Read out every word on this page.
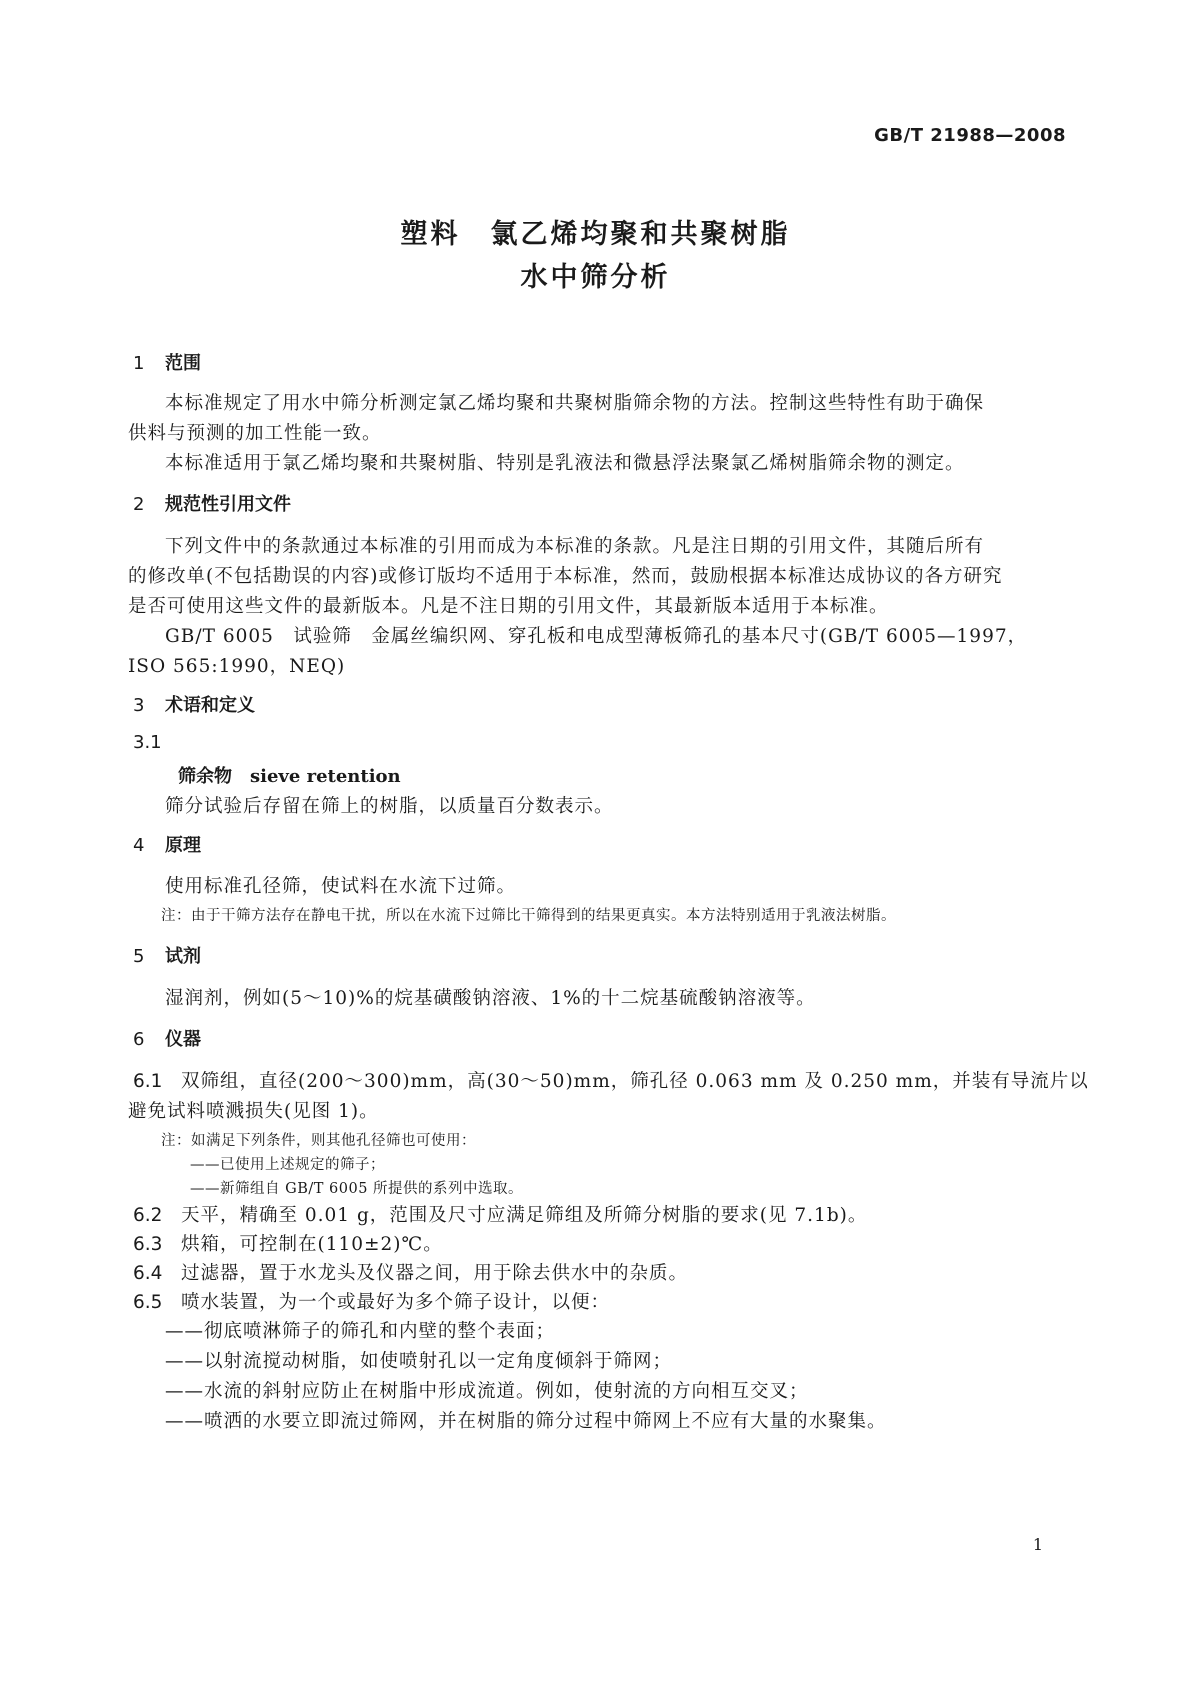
GB/T 21988—2008
塑料　氯乙烯均聚和共聚树脂
水中筛分析
1 范围
本标准规定了用水中筛分析测定氯乙烯均聚和共聚树脂筛余物的方法。控制这些特性有助于确保
供料与预测的加工性能一致。
本标准适用于氯乙烯均聚和共聚树脂、特别是乳液法和微悬浮法聚氯乙烯树脂筛余物的测定。
2 规范性引用文件
下列文件中的条款通过本标准的引用而成为本标准的条款。凡是注日期的引用文件，其随后所有
的修改单(不包括勘误的内容)或修订版均不适用于本标准，然而，鼓励根据本标准达成协议的各方研究
是否可使用这些文件的最新版本。凡是不注日期的引用文件，其最新版本适用于本标准。
GB/T 6005　试验筛　金属丝编织网、穿孔板和电成型薄板筛孔的基本尺寸(GB/T 6005—1997，
ISO 565:1990，NEQ)
3 术语和定义
3.1
筛余物 sieve retention
筛分试验后存留在筛上的树脂，以质量百分数表示。
4 原理
使用标准孔径筛，使试料在水流下过筛。
注：由于干筛方法存在静电干扰，所以在水流下过筛比干筛得到的结果更真实。本方法特别适用于乳液法树脂。
5 试剂
湿润剂，例如(5～10)%的烷基磺酸钠溶液、1%的十二烷基硫酸钠溶液等。
6 仪器
6.1 双筛组，直径(200～300)mm，高(30～50)mm，筛孔径 0.063 mm 及 0.250 mm，并装有导流片以
避免试料喷溅损失(见图 1)。
注：如满足下列条件，则其他孔径筛也可使用：
——已使用上述规定的筛子；
——新筛组自 GB/T 6005 所提供的系列中选取。
6.2 天平，精确至 0.01 g，范围及尺寸应满足筛组及所筛分树脂的要求(见 7.1b)。
6.3 烘箱，可控制在(110±2)℃。
6.4 过滤器，置于水龙头及仪器之间，用于除去供水中的杂质。
6.5 喷水装置，为一个或最好为多个筛子设计，以便：
——彻底喷淋筛子的筛孔和内壁的整个表面；
——以射流搅动树脂，如使喷射孔以一定角度倾斜于筛网；
——水流的斜射应防止在树脂中形成流道。例如，使射流的方向相互交叉；
——喷洒的水要立即流过筛网，并在树脂的筛分过程中筛网上不应有大量的水聚集。
1
